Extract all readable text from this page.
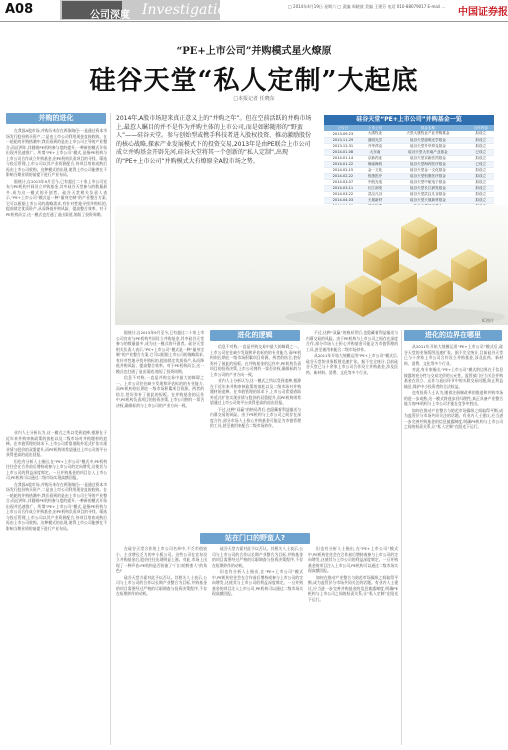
A08	公司深度 Investigation	□ 2014年4月19日 星期六 □ 责编 周晓波 美编 王建芬 电话 010-88079017 E-mail ...
中国证券报
“PE+上市公司”并购模式星火燎原
硅谷天堂“私人定制”大起底
□本报记者 任晓东
2014年,A股市场迎来真正意义上的“并购之年”。但在空前活跃的并购市场上,最惹人瞩目的并不是作为并购主体的上市公司,而是如影随形的“野蛮人”——硅谷天堂。参与创始型或携手科技者进入股权投资、推动激励股份的核心战略,探索产业发展模式下的投资交易,2013年是由PE联合上市公司成立并购基金开辟先河,硅谷天堂将其一个创新的“私人定制”,出现的“PE+上市公司”并购模式大有燎原全A股市场之势。
硅谷天堂“PE+上市公司”并购基金一览
公告日	上市公司	基金名称	合作内容
2013.09.23	大康牧业	天堂大康牧业产业并购基金	拟设立
2013.11.29	道明光学	硅谷天堂道明光学基金	拟设立
2013.12.31	升华拜克	硅谷天堂升华拜克基金	拟设立
2014.01.08	大东南	硅谷天堂大东南产业基金	已设立
2014.01.14	京新药业	硅谷天堂京新医药基金	拟设立
2014.01.22	海南海药	硅谷天堂海药医疗基金	已设立
2014.02.15	金一文化	硅谷天堂金一文化基金	拟设立
2014.02.22	恒康医疗	硅谷天堂恒康医疗基金	拟设立
2014.03.07	中航光电	硅谷天堂中航电子基金	拟设立
2014.03.11	长江润发	硅谷天堂长江润发基金	拟设立
2014.03.22	武汉凡谷	硅谷天堂武汉凡谷基金	拟设立
2014.04.03	天晟新材	硅谷天堂天晟新材基金	拟设立

IC图片
并购的进化

在我国A股市场,并购历来存在两条路径:一是通过资本市场发行股份购买资产,二是由上市公司利用现金直接收购。在一轮轮的并购热潮中,我们看到的是由上市公司主导的产业整合;而近两年,伴随着PE机构参与度的提升,一种新的模式开始出现并迅速推广。所谓“PE+上市公司”模式,是指PE机构与上市公司合作成立并购基金,由PE机构负责项目的寻找、筛选与投后管理,上市公司以其产业资源配合,待项目培育成熟后再由上市公司收购。这种模式的出现,使得上市公司能够在不影响当期业绩的前提下进行产业布局。

据统计,自2013年9月至今,已有超过二十家上市公司宣布与PE机构共同设立并购基金,其中硅谷天堂参与的数量最多,成为这一模式的开创者。硅谷天堂相关负责人表示,“PE+上市公司”模式是一种“量身定制”的产业整合方案,它可以根据上市公司的战略需求,有针对性地寻找并购标的,提前锁定优质资产,从而降低并购风险、提高整合效率。对于PE机构而言,这一模式也打通了退出渠道,缩短了投资周期。

业内人士分析认为,这一模式之所以受到追捧,根源在于近年来并购审核政策的放松以及二级市场对并购题材的追捧。在市值管理的诉求下,上市公司希望借助外延式扩张实现业绩与股价的双重提升,而PE机构则希望通过上市公司的平台获得更高的退出回报。

但也有分析人士指出,在“PE+上市公司”模式中,PE机构往往会在合作前后增持或参与上市公司的定向增发,这使其与上市公司的利益深度绑定。一旦并购基金的项目注入上市公司,PE机构可以通过二级市场实现高额回报。

在我国A股市场,并购历来存在两条路径:一是通过资本市场发行股份购买资产,二是由上市公司利用现金直接收购。在一轮轮的并购热潮中,我们看到的是由上市公司主导的产业整合;而近两年,伴随着PE机构参与度的提升,一种新的模式开始出现并迅速推广。所谓“PE+上市公司”模式,是指PE机构与上市公司合作成立并购基金,由PE机构负责项目的寻找、筛选与投后管理,上市公司以其产业资源配合,待项目培育成熟后再由上市公司收购。这种模式的出现,使得上市公司能够在不影响当期业绩的前提下进行产业布局。

据统计,自2013年9月至今,已有超过二十家上市公司宣布与PE机构共同设立并购基金,其中硅谷天堂参与的数量最多,成为这一模式的开创者。硅谷天堂相关负责人表示,“PE+上市公司”模式是一种“量身定制”的产业整合方案,它可以根据上市公司的战略需求,有针对性地寻找并购标的,提前锁定优质资产,从而降低并购风险、提高整合效率。对于PE机构而言,这一模式也打通了退出渠道,缩短了投资周期。

信息不对称,一直是并购交易中最大的障碍之一。上市公司往往缺少发现和评估标的的专业能力,而PE机构则长期在一级市场积累项目资源。两者的结合,恰好弥补了彼此的短板。在并购基金的运作中,PE机构负责项目的投资决策,上市公司拥有一票否决权,确保标的与上市公司的产业方向一致。

进化的逻辑

信息不对称,一直是并购交易中最大的障碍之一。上市公司往往缺少发现和评估标的的专业能力,而PE机构则长期在一级市场积累项目资源。两者的结合,恰好弥补了彼此的短板。在并购基金的运作中,PE机构负责项目的投资决策,上市公司拥有一票否决权,确保标的与上市公司的产业方向一致。

业内人士分析认为,这一模式之所以受到追捧,根源在于近年来并购审核政策的放松以及二级市场对并购题材的追捧。在市值管理的诉求下,上市公司希望借助外延式扩张实现业绩与股价的双重提升,而PE机构则希望通过上市公司的平台获得更高的退出回报。

不过,这种“双赢”的格局背后,也隐藏着利益输送与内幕交易的风险。由于PE机构与上市公司之间存在深度合作,部分市场人士担心并购基金可能沦为市值管理的工具,甚至被用来配合二级市场炒作。

不过,这种“双赢”的格局背后,也隐藏着利益输送与内幕交易的风险。由于PE机构与上市公司之间存在深度合作,部分市场人士担心并购基金可能沦为市值管理的工具,甚至被用来配合二级市场炒作。

从2011年开始大规模运用“PE+上市公司”模式后,硅谷天堂的业务版图迅速扩张。据不完全统计,目前硅谷天堂已与十余家上市公司合作设立并购基金,涉及医药、新材料、消费、文化等多个行业。

进化的边界在哪里

从2011年开始大规模运用“PE+上市公司”模式后,硅谷天堂的业务版图迅速扩张。据不完全统计,目前硅谷天堂已与十余家上市公司合作设立并购基金,涉及医药、新材料、消费、文化等多个行业。

对此,有专家指出,“PE+上市公司”模式的边界在于信息披露的充分性与交易定价的公允性。监管部门应当关注并购基金在设立、运作与退出环节中的关联交易问题,防止利益输送,保护中小投资者的合法权益。

也有投资人士认为,随着注册制改革的推进和并购市场的进一步成熟,这一模式将逐步回归理性,真正具备产业整合能力的PE机构与上市公司才能在竞争中胜出。

如何在推动产业整合与防范市场操纵之间取得平衡,成为监管层与市场共同关注的话题。有业内人士建议,应当进一步完善并购基金的信息披露制度,明确PE机构与上市公司之间的权责关系,让“私人定制”在阳光下运行。

站在门口的野蛮人?

在硅谷天堂合作的上市公司名单中,不乏市值较小、主业增长乏力的中小板公司。这些公司在宣布设立并购基金后,股价往往出现明显上涨。对此,市场上出现了一种声音:PE机构是否扮演了“门口的野蛮人”的角色?

硅谷天堂方面对此予以否认。其相关人士表示,公司与上市公司的合作以长期产业整合为目标,并购基金的项目需要经过严格的尽职调查与投资决策程序,不存在短期炒作的动机。

硅谷天堂方面对此予以否认。其相关人士表示,公司与上市公司的合作以长期产业整合为目标,并购基金的项目需要经过严格的尽职调查与投资决策程序,不存在短期炒作的动机。

但也有分析人士指出,在“PE+上市公司”模式中,PE机构往往会在合作前后增持或参与上市公司的定向增发,这使其与上市公司的利益深度绑定。一旦并购基金的项目注入上市公司,PE机构可以通过二级市场实现高额回报。

但也有分析人士指出,在“PE+上市公司”模式中,PE机构往往会在合作前后增持或参与上市公司的定向增发,这使其与上市公司的利益深度绑定。一旦并购基金的项目注入上市公司,PE机构可以通过二级市场实现高额回报。

如何在推动产业整合与防范市场操纵之间取得平衡,成为监管层与市场共同关注的话题。有业内人士建议,应当进一步完善并购基金的信息披露制度,明确PE机构与上市公司之间的权责关系,让“私人定制”在阳光下运行。
